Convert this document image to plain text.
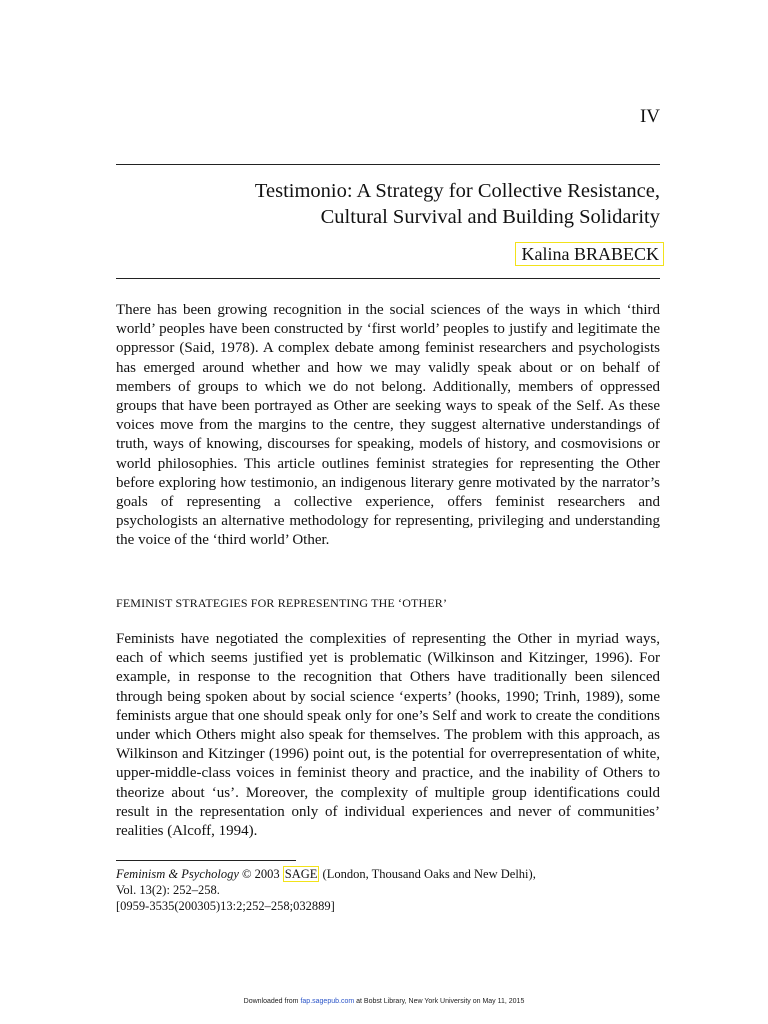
IV
Testimonio: A Strategy for Collective Resistance,
Cultural Survival and Building Solidarity
Kalina BRABECK
There has been growing recognition in the social sciences of the ways in which ‘third world’ peoples have been constructed by ‘first world’ peoples to justify and legitimate the oppressor (Said, 1978). A complex debate among feminist researchers and psychologists has emerged around whether and how we may validly speak about or on behalf of members of groups to which we do not belong. Additionally, members of oppressed groups that have been portrayed as Other are seeking ways to speak of the Self. As these voices move from the margins to the centre, they suggest alternative understandings of truth, ways of knowing, discourses for speaking, models of history, and cosmovisions or world philosophies. This article outlines feminist strategies for representing the Other before exploring how testimonio, an indigenous literary genre motivated by the narrator’s goals of representing a collective experience, offers feminist researchers and psychologists an alternative methodology for representing, privileging and understanding the voice of the ‘third world’ Other.
FEMINIST STRATEGIES FOR REPRESENTING THE ‘OTHER’
Feminists have negotiated the complexities of representing the Other in myriad ways, each of which seems justified yet is problematic (Wilkinson and Kitzinger, 1996). For example, in response to the recognition that Others have traditionally been silenced through being spoken about by social science ‘experts’ (hooks, 1990; Trinh, 1989), some feminists argue that one should speak only for one’s Self and work to create the conditions under which Others might also speak for themselves. The problem with this approach, as Wilkinson and Kitzinger (1996) point out, is the potential for overrepresentation of white, upper-middle-class voices in feminist theory and practice, and the inability of Others to theorize about ‘us’. Moreover, the complexity of multiple group identifications could result in the representation only of individual experiences and never of communities’ realities (Alcoff, 1994).
Feminism & Psychology © 2003 SAGE (London, Thousand Oaks and New Delhi),
Vol. 13(2): 252–258.
[0959-3535(200305)13:2;252–258;032889]
Downloaded from fap.sagepub.com at Bobst Library, New York University on May 11, 2015
